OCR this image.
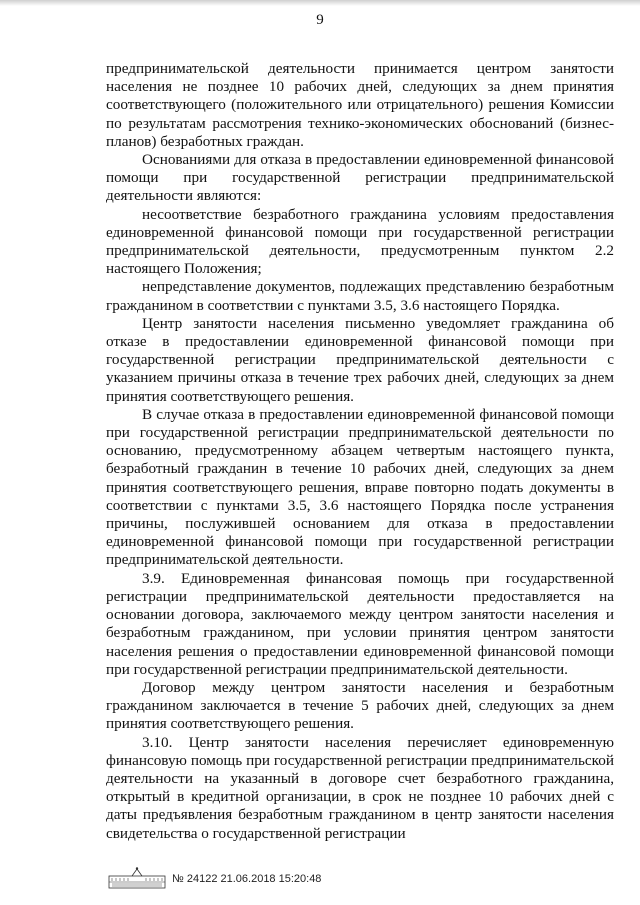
9

предпринимательской деятельности принимается центром занятости населения не позднее 10 рабочих дней, следующих за днем принятия соответствующего (положительного или отрицательного) решения Комиссии по результатам рассмотрения технико-экономических обоснований (бизнес-планов) безработных граждан.

Основаниями для отказа в предоставлении единовременной финансовой помощи при государственной регистрации предпринимательской деятельности являются:

несоответствие безработного гражданина условиям предоставления единовременной финансовой помощи при государственной регистрации предпринимательской деятельности, предусмотренным пунктом 2.2 настоящего Положения;

непредставление документов, подлежащих представлению безработным гражданином в соответствии с пунктами 3.5, 3.6 настоящего Порядка.

Центр занятости населения письменно уведомляет гражданина об отказе в предоставлении единовременной финансовой помощи при государственной регистрации предпринимательской деятельности с указанием причины отказа в течение трех рабочих дней, следующих за днем принятия соответствующего решения.

В случае отказа в предоставлении единовременной финансовой помощи при государственной регистрации предпринимательской деятельности по основанию, предусмотренному абзацем четвертым настоящего пункта, безработный гражданин в течение 10 рабочих дней, следующих за днем принятия соответствующего решения, вправе повторно подать документы в соответствии с пунктами 3.5, 3.6 настоящего Порядка после устранения причины, послужившей основанием для отказа в предоставлении единовременной финансовой помощи при государственной регистрации предпринимательской деятельности.

3.9. Единовременная финансовая помощь при государственной регистрации предпринимательской деятельности предоставляется на основании договора, заключаемого между центром занятости населения и безработным гражданином, при условии принятия центром занятости населения решения о предоставлении единовременной финансовой помощи при государственной регистрации предпринимательской деятельности.

Договор между центром занятости населения и безработным гражданином заключается в течение 5 рабочих дней, следующих за днем принятия соответствующего решения.

3.10. Центр занятости населения перечисляет единовременную финансовую помощь при государственной регистрации предпринимательской деятельности на указанный в договоре счет безработного гражданина, открытый в кредитной организации, в срок не позднее 10 рабочих дней с даты предъявления безработным гражданином в центр занятости населения свидетельства о государственной регистрации

№ 24122 21.06.2018 15:20:48
